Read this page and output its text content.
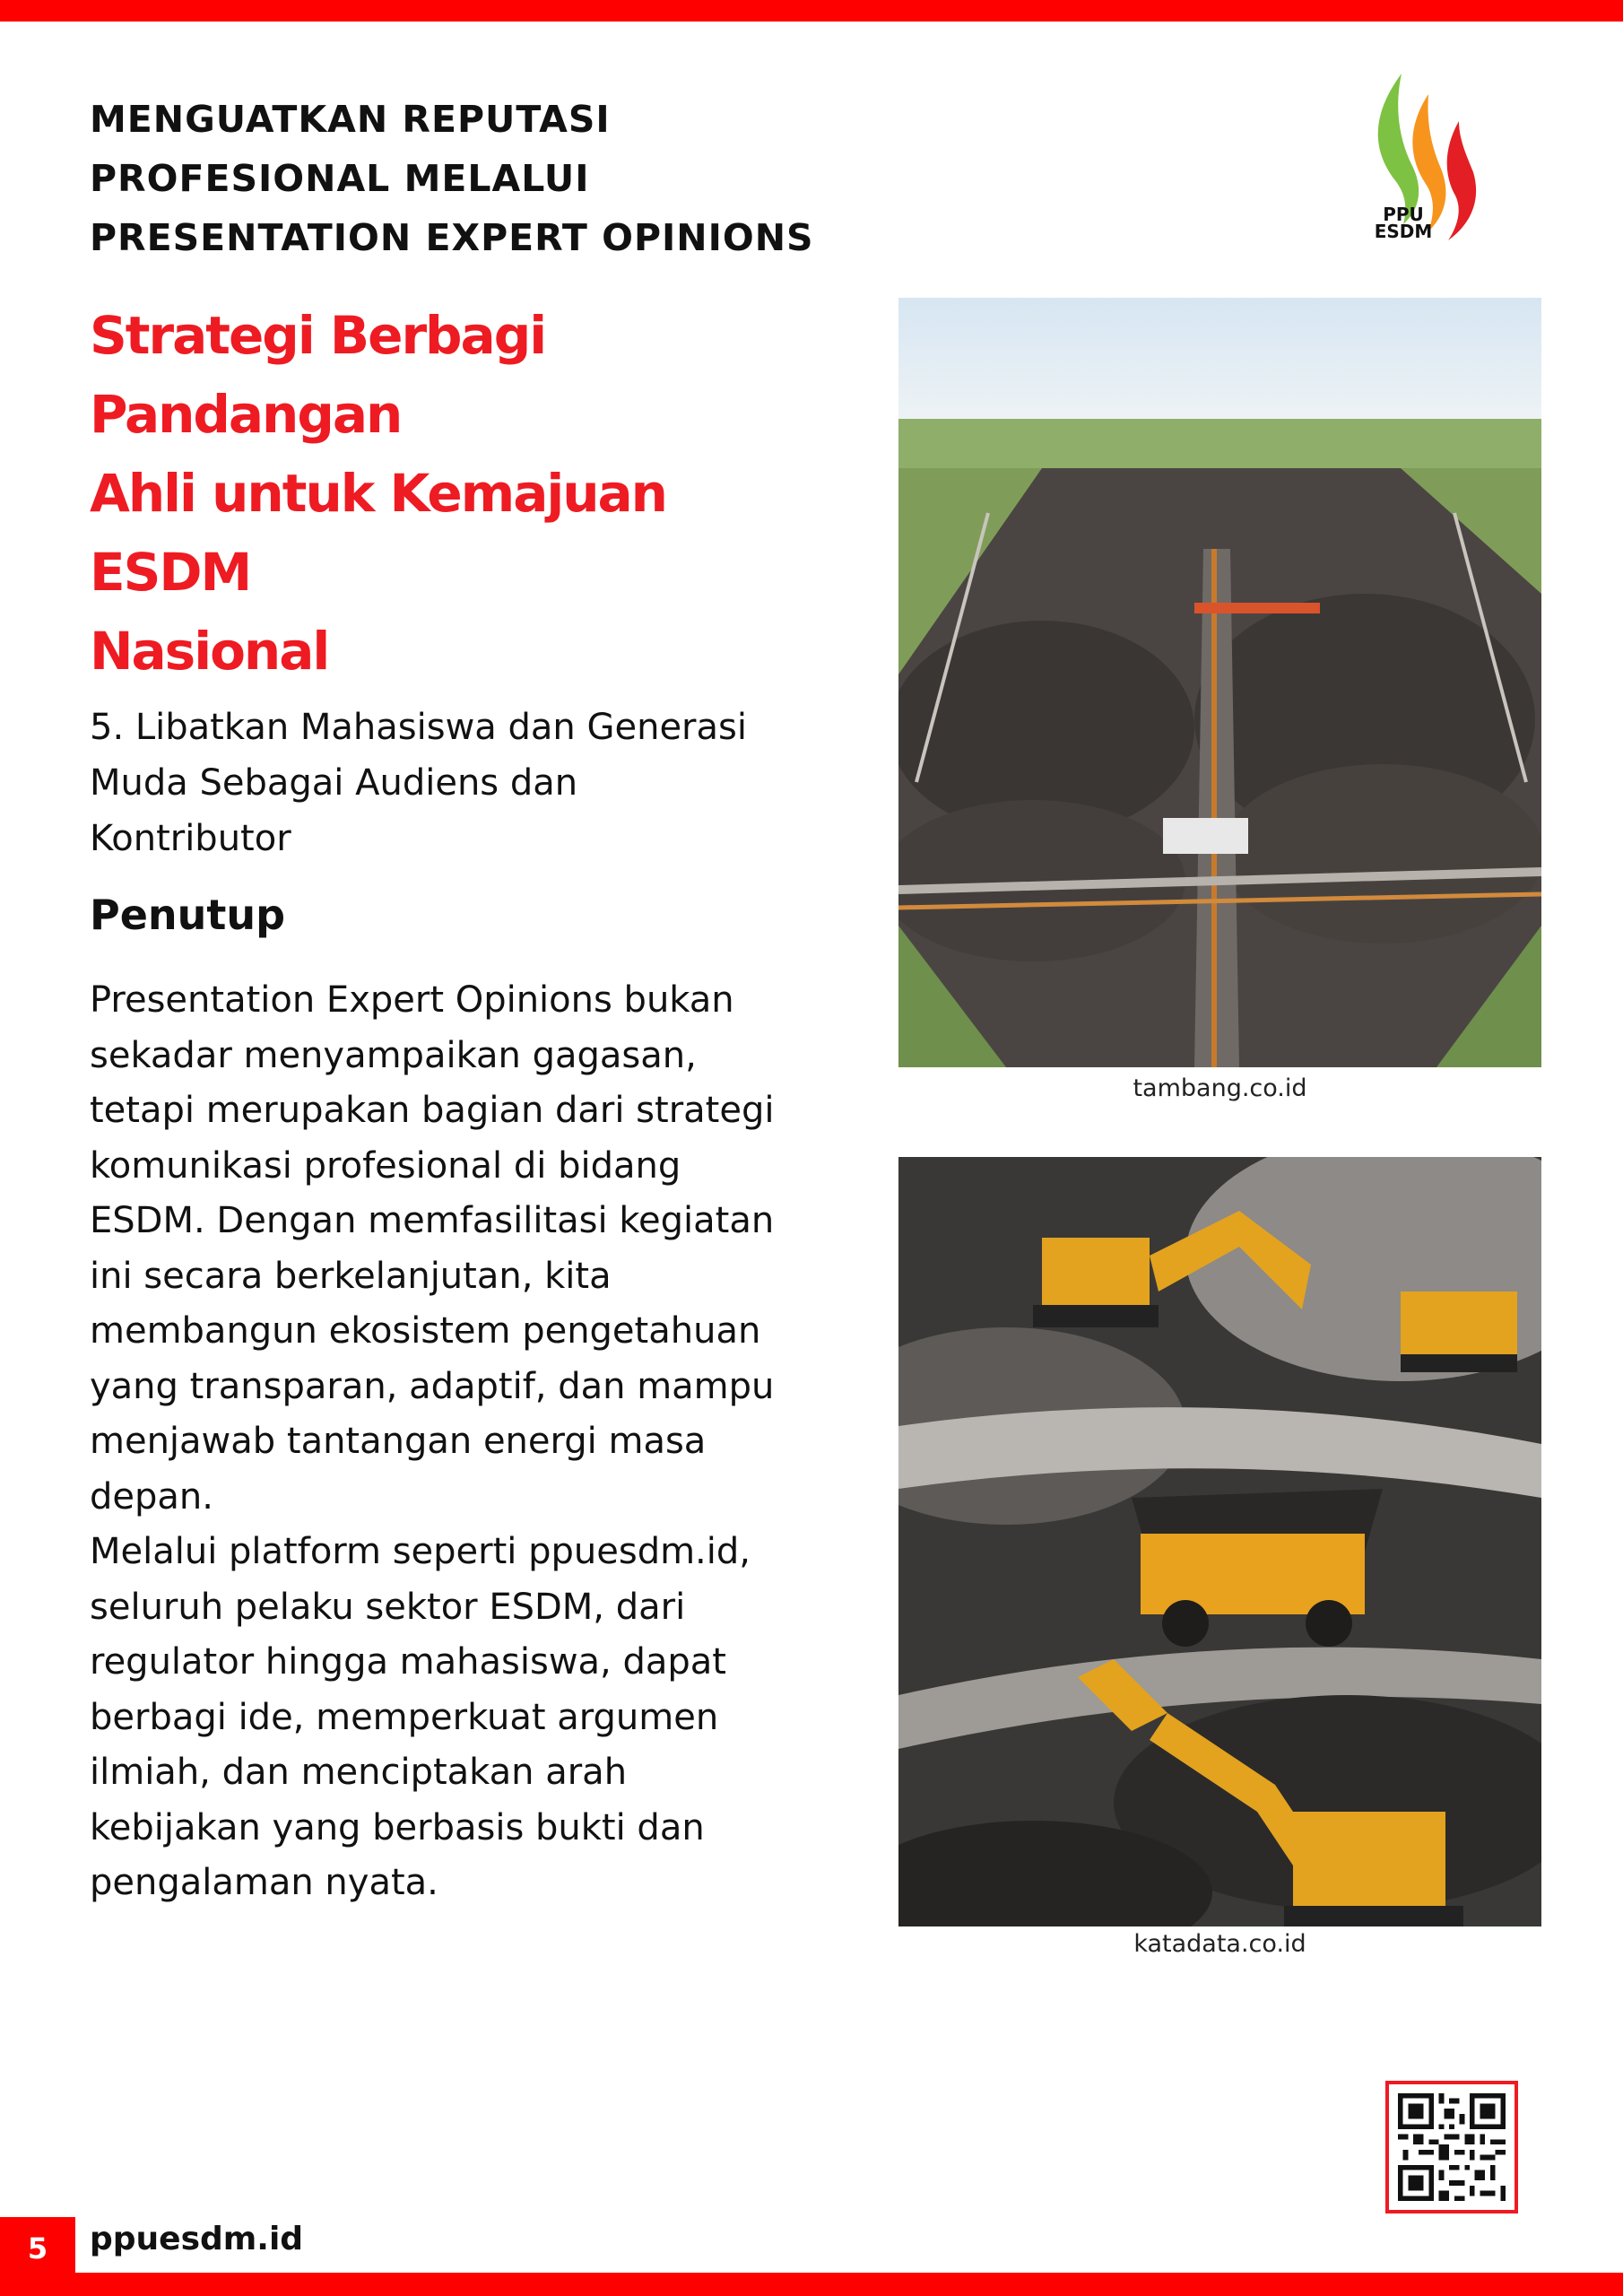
MENGUATKAN REPUTASI
PROFESIONAL MELALUI
PRESENTATION EXPERT OPINIONS
PPU
ESDM
Strategi Berbagi Pandangan
Ahli untuk Kemajuan ESDM
Nasional
5. Libatkan Mahasiswa dan Generasi Muda Sebagai Audiens dan Kontributor
Penutup

Presentation Expert Opinions bukan sekadar menyampaikan gagasan, tetapi merupakan bagian dari strategi komunikasi profesional di bidang ESDM. Dengan memfasilitasi kegiatan ini secara berkelanjutan, kita membangun ekosistem pengetahuan yang transparan, adaptif, dan mampu menjawab tantangan energi masa depan.

Melalui platform seperti ppuesdm.id, seluruh pelaku sektor ESDM, dari regulator hingga mahasiswa, dapat berbagi ide, memperkuat argumen ilmiah, dan menciptakan arah kebijakan yang berbasis bukti dan pengalaman nyata.

tambang.co.id
katadata.co.id
5	ppuesdm.id
